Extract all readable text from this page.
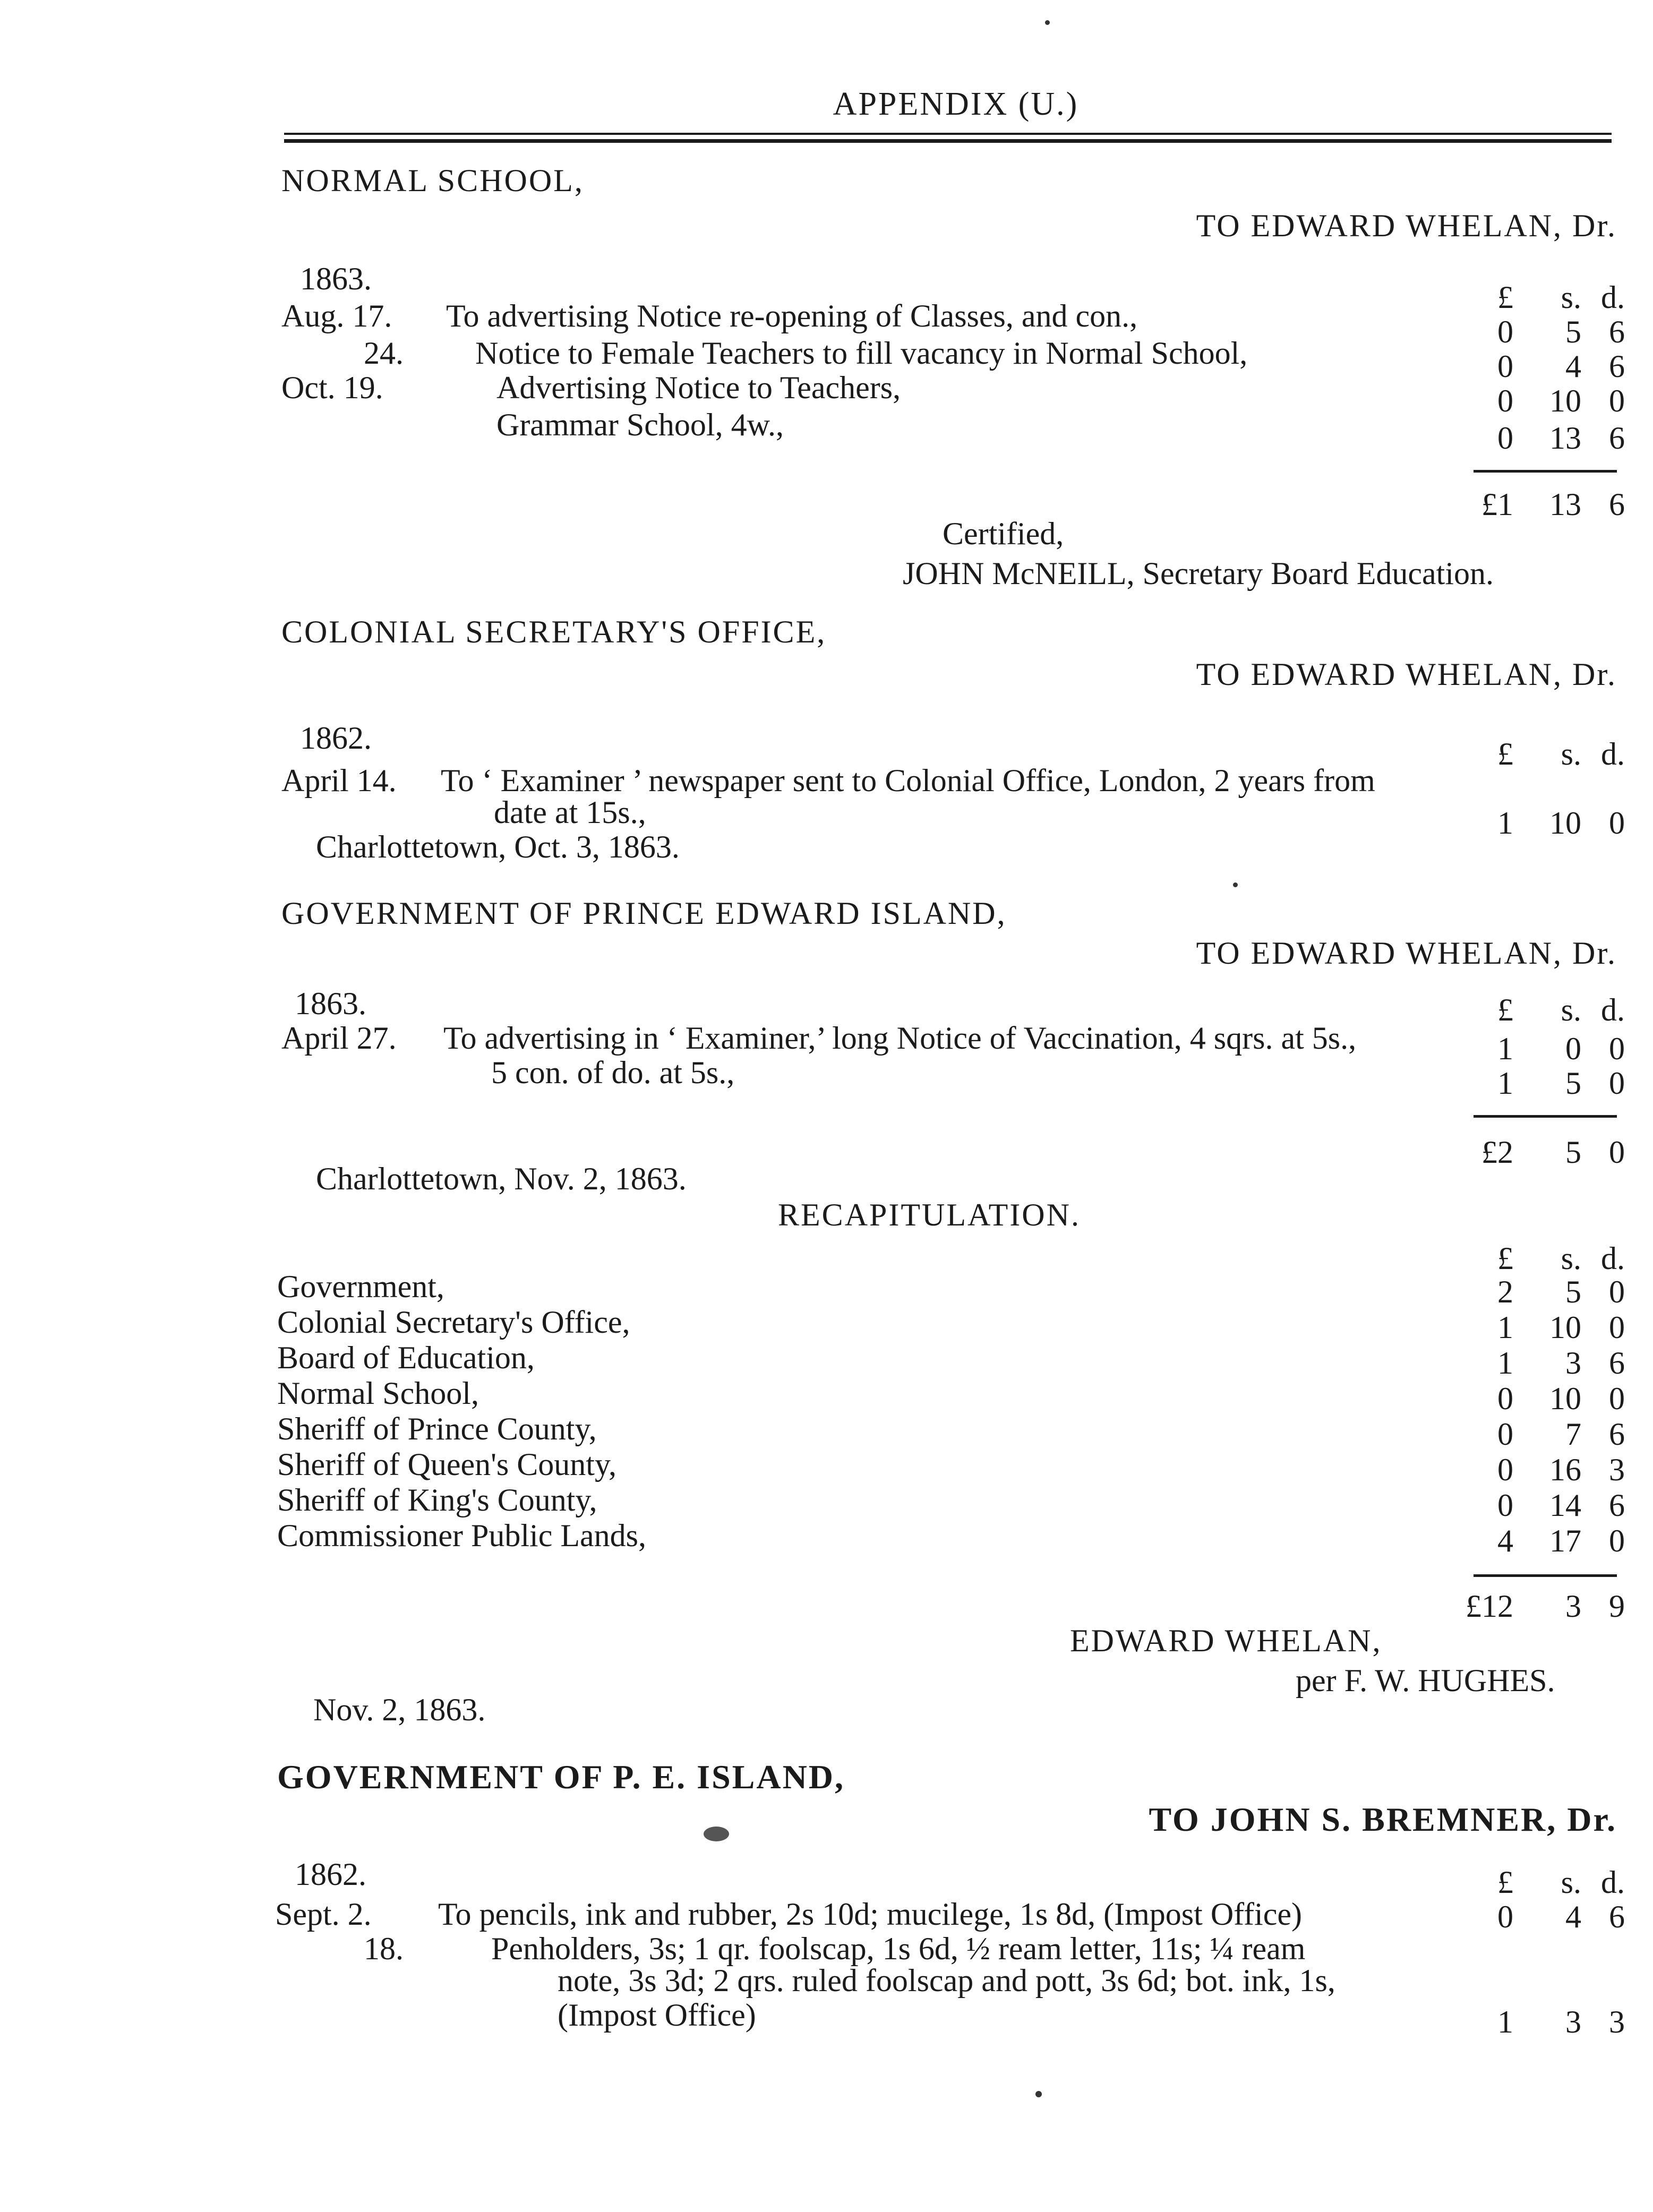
APPENDIX (U.)
NORMAL SCHOOL,
TO EDWARD WHELAN, Dr.
1863.
£	s. d.
Aug. 17. To advertising Notice re-opening of Classes, and con.,	0	5 6
24. Notice to Female Teachers to fill vacancy in Normal School,	0	4 6
Oct. 19.	Advertising Notice to Teachers,	0	10 0
Grammar School, 4w.,	0	13 6
£1	13 6
Certified,
JOHN McNEILL, Secretary Board Education.
COLONIAL SECRETARY'S OFFICE,
TO EDWARD WHELAN, Dr.
1862.	£	s. d.
April 14. To ‘ Examiner ’ newspaper sent to Colonial Office, London, 2 years from
date at 15s.,	1	10 0
Charlottetown, Oct. 3, 1863.
GOVERNMENT OF PRINCE EDWARD ISLAND,
TO EDWARD WHELAN, Dr.
1863.	£	s. d.
April 27. To advertising in ‘ Examiner,’ long Notice of Vaccination, 4 sqrs. at 5s.,	1	0 0
5 con. of do. at 5s.,	1	5 0
£2	5 0
Charlottetown, Nov. 2, 1863.
RECAPITULATION.
£	s. d.
Government,	2	5 0
Colonial Secretary's Office,	1	10 0
Board of Education,	1	3 6
Normal School,	0	10 0
Sheriff of Prince County,	0	7 6
Sheriff of Queen's County,	0	16 3
Sheriff of King's County,	0	14 6
Commissioner Public Lands,	4	17 0
£12	3 9
EDWARD WHELAN,
per F. W. HUGHES.
Nov. 2, 1863.
GOVERNMENT OF P. E. ISLAND,
TO JOHN S. BREMNER, Dr.
1862.	£	s. d.
Sept. 2. To pencils, ink and rubber, 2s 10d; mucilege, 1s 8d, (Impost Office)	0	4 6
18.	Penholders, 3s; 1 qr. foolscap, 1s 6d, ½ ream letter, 11s; ¼ ream
note, 3s 3d; 2 qrs. ruled foolscap and pott, 3s 6d; bot. ink, 1s,
(Impost Office)	1	3 3
